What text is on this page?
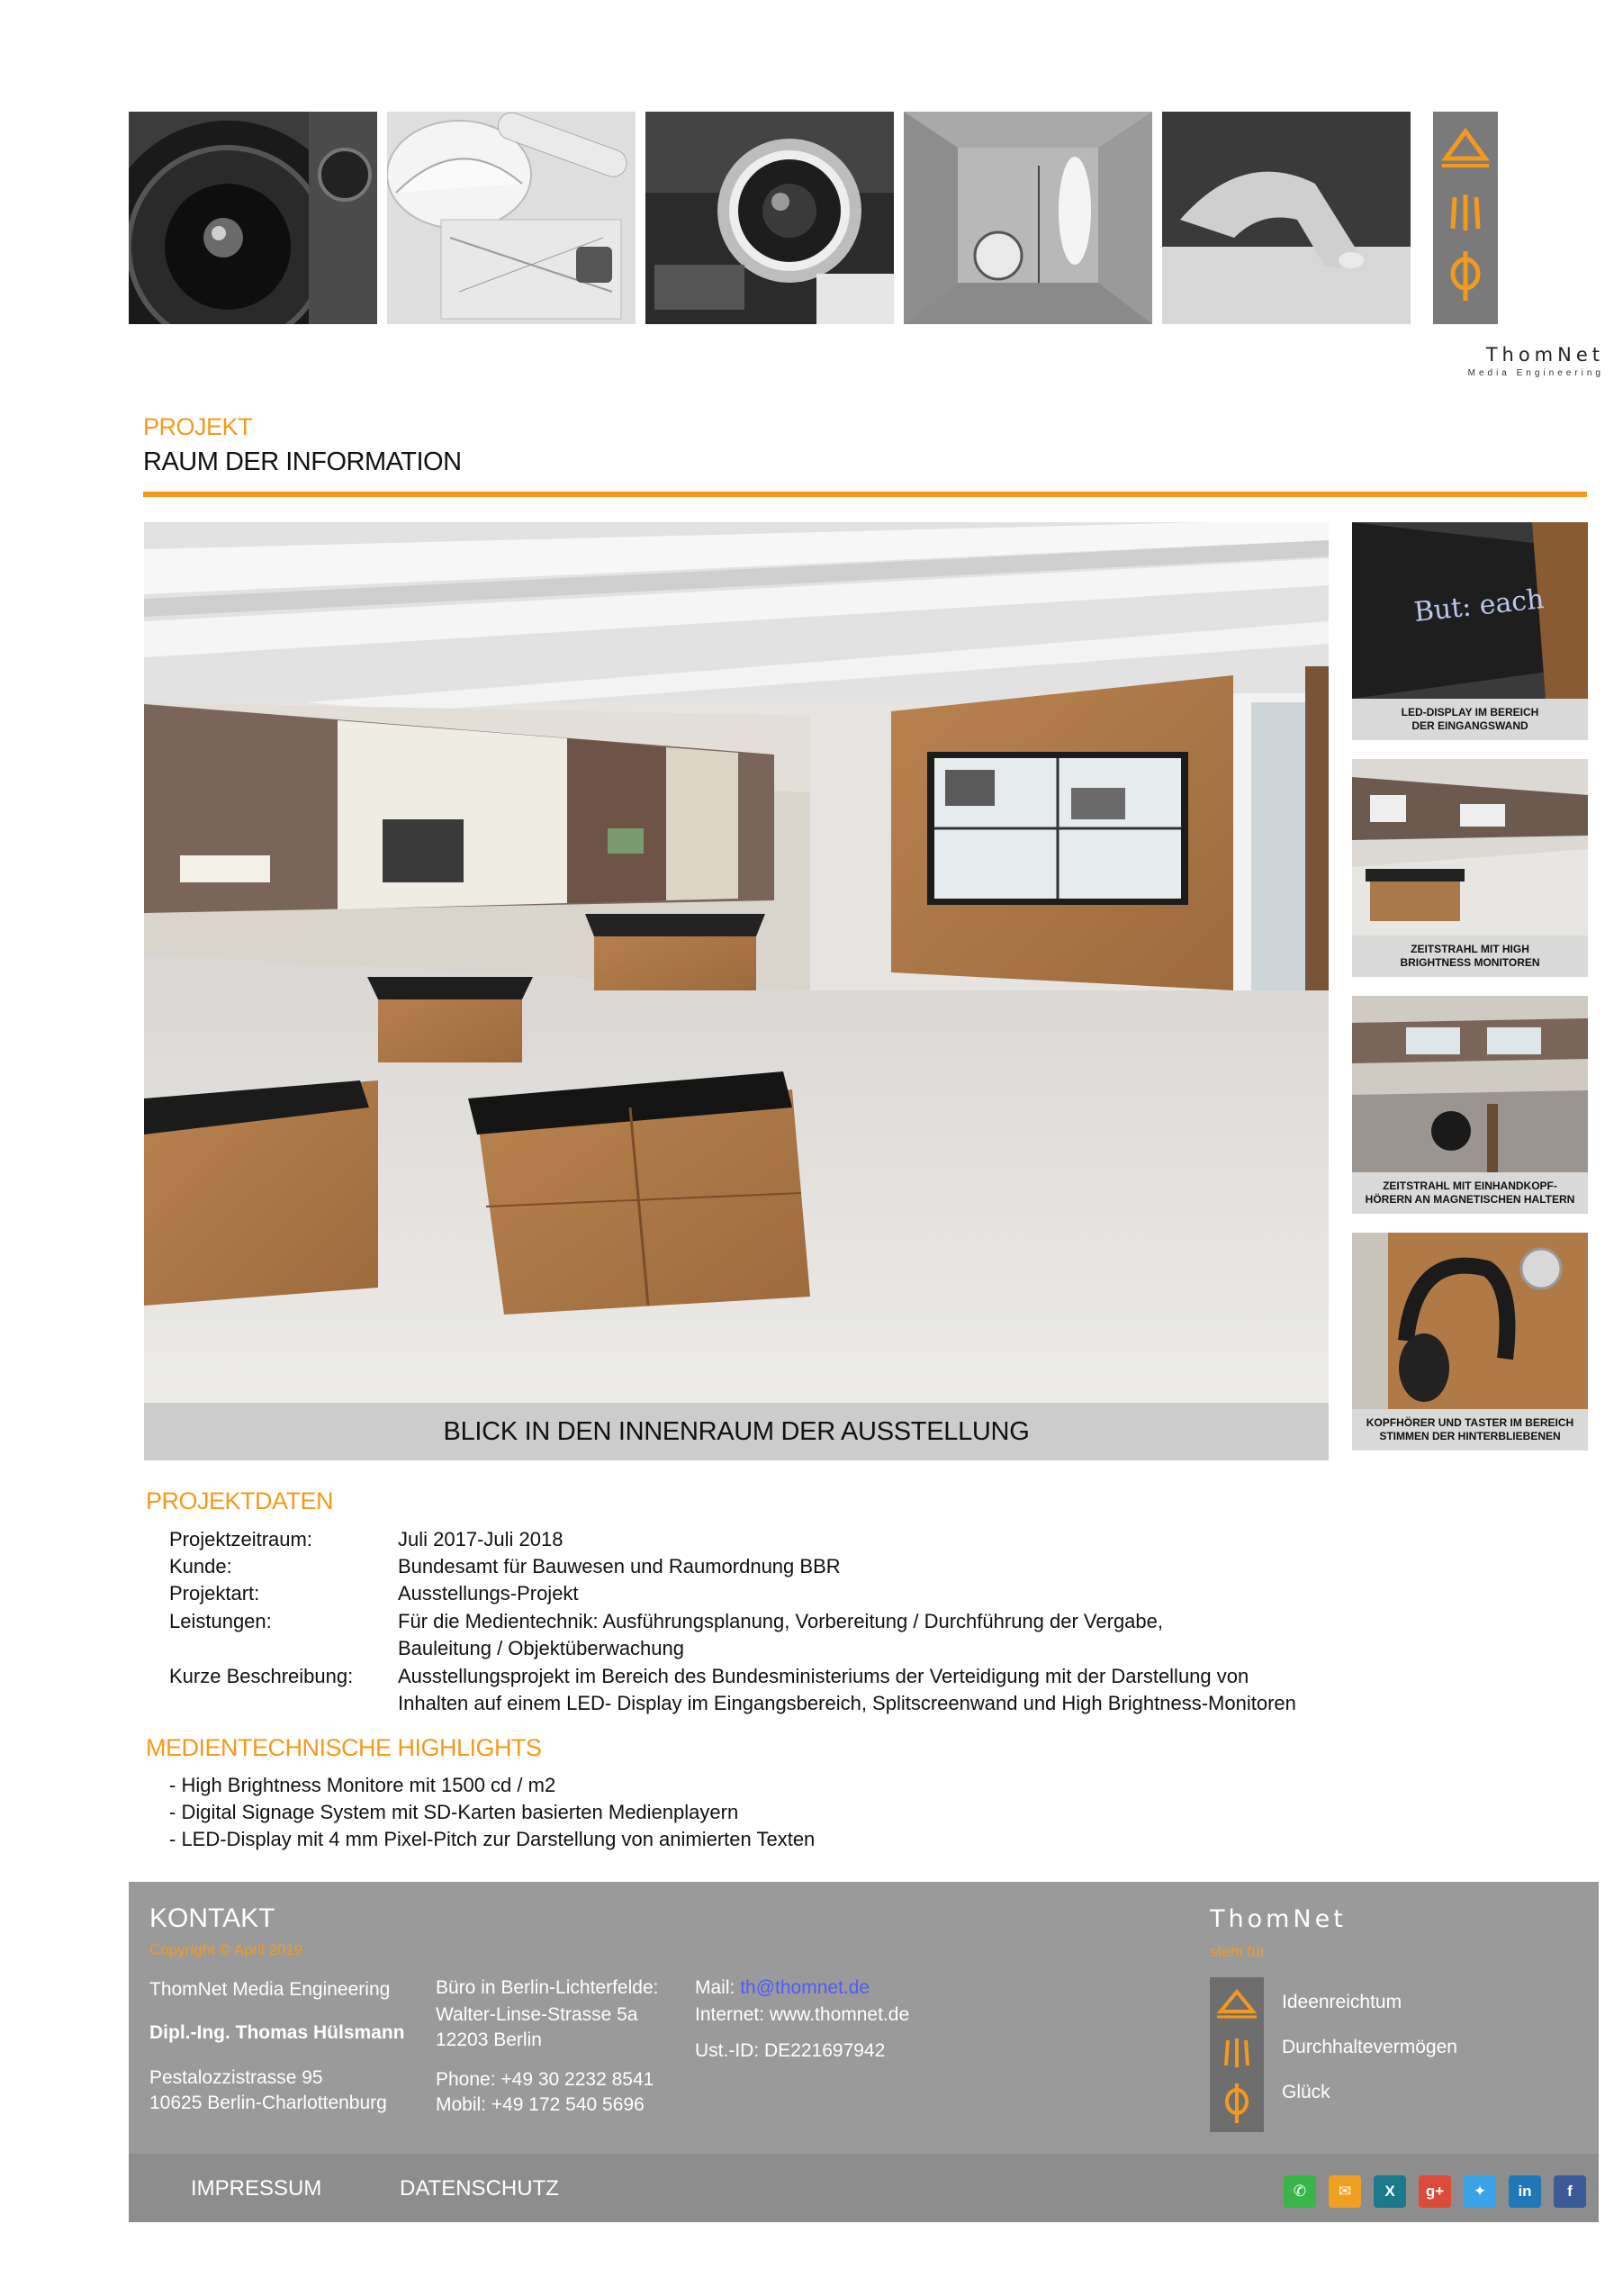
ThomNet
Media Engineering
PROJEKT
RAUM DER INFORMATION
BLICK IN DEN INNENRAUM DER AUSSTELLUNG
But: each
LED-DISPLAY IM BEREICH
DER EINGANGSWAND
ZEITSTRAHL MIT HIGH
BRIGHTNESS MONITOREN
ZEITSTRAHL MIT EINHANDKOPF-
HÖRERN AN MAGNETISCHEN HALTERN
KOPFHÖRER UND TASTER IM BEREICH
STIMMEN DER HINTERBLIEBENEN
PROJEKTDATEN
Projektzeitraum:	Juli 2017-Juli 2018
Kunde:	Bundesamt für Bauwesen und Raumordnung BBR
Projektart:	Ausstellungs-Projekt
Leistungen:	Für die Medientechnik: Ausführungsplanung, Vorbereitung / Durchführung der Vergabe,
Bauleitung / Objektüberwachung
Kurze Beschreibung: Ausstellungsprojekt im Bereich des Bundesministeriums der Verteidigung mit der Darstellung von
Inhalten auf einem LED- Display im Eingangsbereich, Splitscreenwand und High Brightness-Monitoren
MEDIENTECHNISCHE HIGHLIGHTS
- High Brightness Monitore mit 1500 cd / m2
- Digital Signage System mit SD-Karten basierten Medienplayern
- LED-Display mit 4 mm Pixel-Pitch zur Darstellung von animierten Texten
KONTAKT
Copyright © April 2019
ThomNet Media Engineering
Dipl.-Ing. Thomas Hülsmann
Pestalozzistrasse 95
10625 Berlin-Charlottenburg
Büro in Berlin-Lichterfelde:
Walter-Linse-Strasse 5a
12203 Berlin
Phone: +49 30 2232 8541
Mobil: +49 172 540 5696
Mail: th@thomnet.de
Internet: www.thomnet.de
Ust.-ID: DE221697942
ThomNet
steht für
Ideenreichtum
Durchhaltevermögen
Glück
IMPRESSUM	DATENSCHUTZ	✆	✉	X	g+	✦	in	f
